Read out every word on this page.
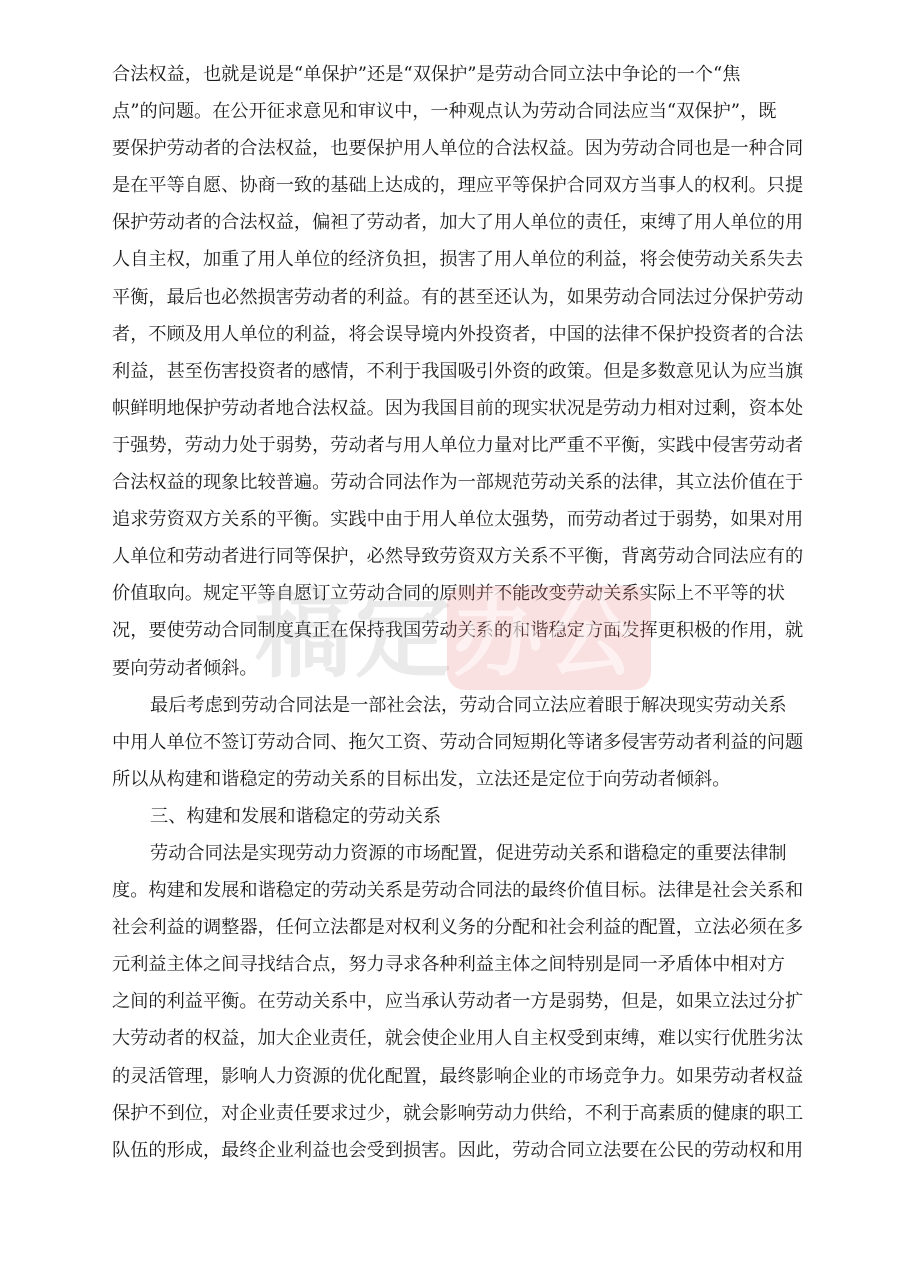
合法权益，也就是说是“单保护”还是“双保护”是劳动合同立法中争论的一个“焦
点”的问题。在公开征求意见和审议中，一种观点认为劳动合同法应当“双保护”，既
要保护劳动者的合法权益，也要保护用人单位的合法权益。因为劳动合同也是一种合同
是在平等自愿、协商一致的基础上达成的，理应平等保护合同双方当事人的权利。只提
保护劳动者的合法权益，偏袒了劳动者，加大了用人单位的责任，束缚了用人单位的用
人自主权，加重了用人单位的经济负担，损害了用人单位的利益，将会使劳动关系失去
平衡，最后也必然损害劳动者的利益。有的甚至还认为，如果劳动合同法过分保护劳动
者，不顾及用人单位的利益，将会误导境内外投资者，中国的法律不保护投资者的合法
利益，甚至伤害投资者的感情，不利于我国吸引外资的政策。但是多数意见认为应当旗
帜鲜明地保护劳动者地合法权益。因为我国目前的现实状况是劳动力相对过剩，资本处
于强势，劳动力处于弱势，劳动者与用人单位力量对比严重不平衡，实践中侵害劳动者
合法权益的现象比较普遍。劳动合同法作为一部规范劳动关系的法律，其立法价值在于
追求劳资双方关系的平衡。实践中由于用人单位太强势，而劳动者过于弱势，如果对用
人单位和劳动者进行同等保护，必然导致劳资双方关系不平衡，背离劳动合同法应有的
价值取向。规定平等自愿订立劳动合同的原则并不能改变劳动关系实际上不平等的状
况，要使劳动合同制度真正在保持我国劳动关系的和谐稳定方面发挥更积极的作用，就
要向劳动者倾斜。
最后考虑到劳动合同法是一部社会法，劳动合同立法应着眼于解决现实劳动关系
中用人单位不签订劳动合同、拖欠工资、劳动合同短期化等诸多侵害劳动者利益的问题
所以从构建和谐稳定的劳动关系的目标出发，立法还是定位于向劳动者倾斜。
三、构建和发展和谐稳定的劳动关系
劳动合同法是实现劳动力资源的市场配置，促进劳动关系和谐稳定的重要法律制
度。构建和发展和谐稳定的劳动关系是劳动合同法的最终价值目标。法律是社会关系和
社会利益的调整器，任何立法都是对权利义务的分配和社会利益的配置，立法必须在多
元利益主体之间寻找结合点，努力寻求各种利益主体之间特别是同一矛盾体中相对方
之间的利益平衡。在劳动关系中，应当承认劳动者一方是弱势，但是，如果立法过分扩
大劳动者的权益，加大企业责任，就会使企业用人自主权受到束缚，难以实行优胜劣汰
的灵活管理，影响人力资源的优化配置，最终影响企业的市场竞争力。如果劳动者权益
保护不到位，对企业责任要求过少，就会影响劳动力供给，不利于高素质的健康的职工
队伍的形成，最终企业利益也会受到损害。因此，劳动合同立法要在公民的劳动权和用
稿定
办公
